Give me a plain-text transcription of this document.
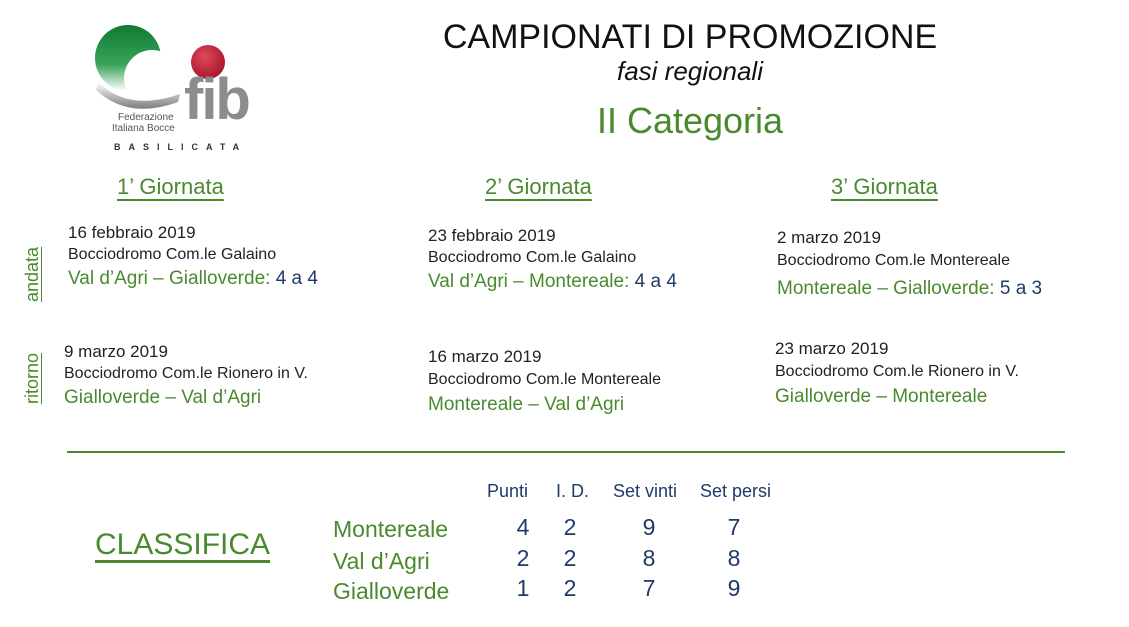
fib
Federazione
Italiana Bocce
BASILICATA
CAMPIONATI DI PROMOZIONE
fasi regionali
II Categoria
1’ Giornata	2’ Giornata	3’ Giornata
andata
ritorno
16 febbraio 2019
Bocciodromo Com.le Galaino
Val d’Agri – Gialloverde: 4 a 4
23 febbraio 2019
Bocciodromo Com.le Galaino
Val d’Agri – Montereale: 4 a 4
2 marzo 2019
Bocciodromo Com.le Montereale
Montereale – Gialloverde: 5 a 3
9 marzo 2019
Bocciodromo Com.le Rionero in V.
Gialloverde – Val d’Agri
16 marzo 2019
Bocciodromo Com.le Montereale
Montereale – Val d’Agri
23 marzo 2019
Bocciodromo Com.le Rionero in V.
Gialloverde – Montereale
CLASSIFICA
Punti I. D. Set vinti Set persi
Montereale	4	2	9	7
Val d’Agri	2	2	8	8
Gialloverde	1	2	7	9
